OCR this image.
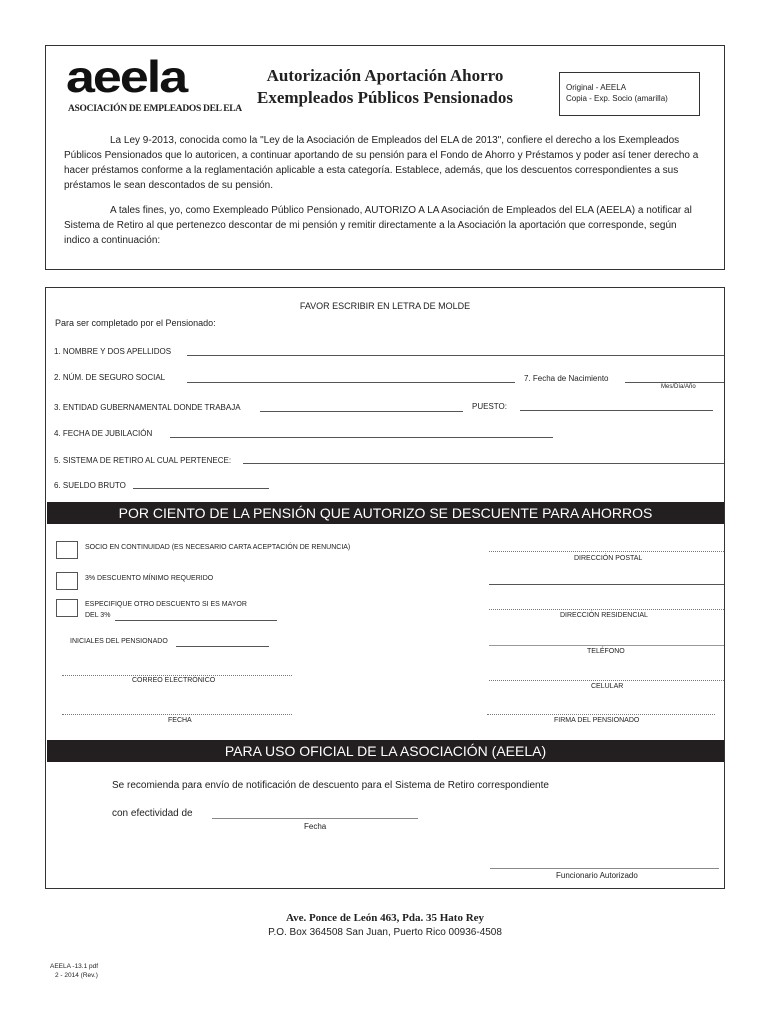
aeela
ASOCIACIÓN DE EMPLEADOS DEL ELA
Autorización Aportación Ahorro
Exempleados Públicos Pensionados
Original - AEELA
Copia - Exp. Socio (amarilla)

La Ley 9-2013, conocida como la "Ley de la Asociación de Empleados del ELA de 2013", confiere el derecho a los Exempleados Públicos Pensionados que lo autoricen, a continuar aportando de su pensión para el Fondo de Ahorro y Préstamos y poder así tener derecho a hacer préstamos conforme a la reglamentación aplicable a esta categoría. Establece, además, que los descuentos correspondientes a sus préstamos le sean descontados de su pensión.

A tales fines, yo, como Exempleado Público Pensionado, AUTORIZO A LA Asociación de Empleados del ELA (AEELA) a notificar al Sistema de Retiro al que pertenezco descontar de mi pensión y remitir directamente a la Asociación la aportación que corresponde, según indico a continuación:

FAVOR ESCRIBIR EN LETRA DE MOLDE
Para ser completado por el Pensionado:
1. NOMBRE Y DOS APELLIDOS
2. NÚM. DE SEGURO SOCIAL	7. Fecha de Nacimiento
Mes/Día/Año
3. ENTIDAD GUBERNAMENTAL DONDE TRABAJA	PUESTO:
4. FECHA DE JUBILACIÓN
5. SISTEMA DE RETIRO AL CUAL PERTENECE:
6. SUELDO BRUTO
POR CIENTO DE LA PENSIÓN QUE AUTORIZO SE DESCUENTE PARA AHORROS
SOCIO EN CONTINUIDAD (ES NECESARIO CARTA ACEPTACIÓN DE RENUNCIA)
3% DESCUENTO MÍNIMO REQUERIDO
ESPECIFIQUE OTRO DESCUENTO SI ES MAYOR
DEL 3%
INICIALES DEL PENSIONADO
CORREO ELECTRÓNICO
FECHA
DIRECCIÓN POSTAL
DIRECCIÓN RESIDENCIAL
TELÉFONO
CELULAR
FIRMA DEL PENSIONADO
PARA USO OFICIAL DE LA ASOCIACIÓN (AEELA)
Se recomienda para envío de notificación de descuento para el Sistema de Retiro correspondiente
con efectividad de
Fecha
Funcionario Autorizado
Ave. Ponce de León 463, Pda. 35 Hato Rey
P.O. Box 364508 San Juan, Puerto Rico 00936-4508
AEELA -13.1 pdf
2 - 2014 (Rev.)
